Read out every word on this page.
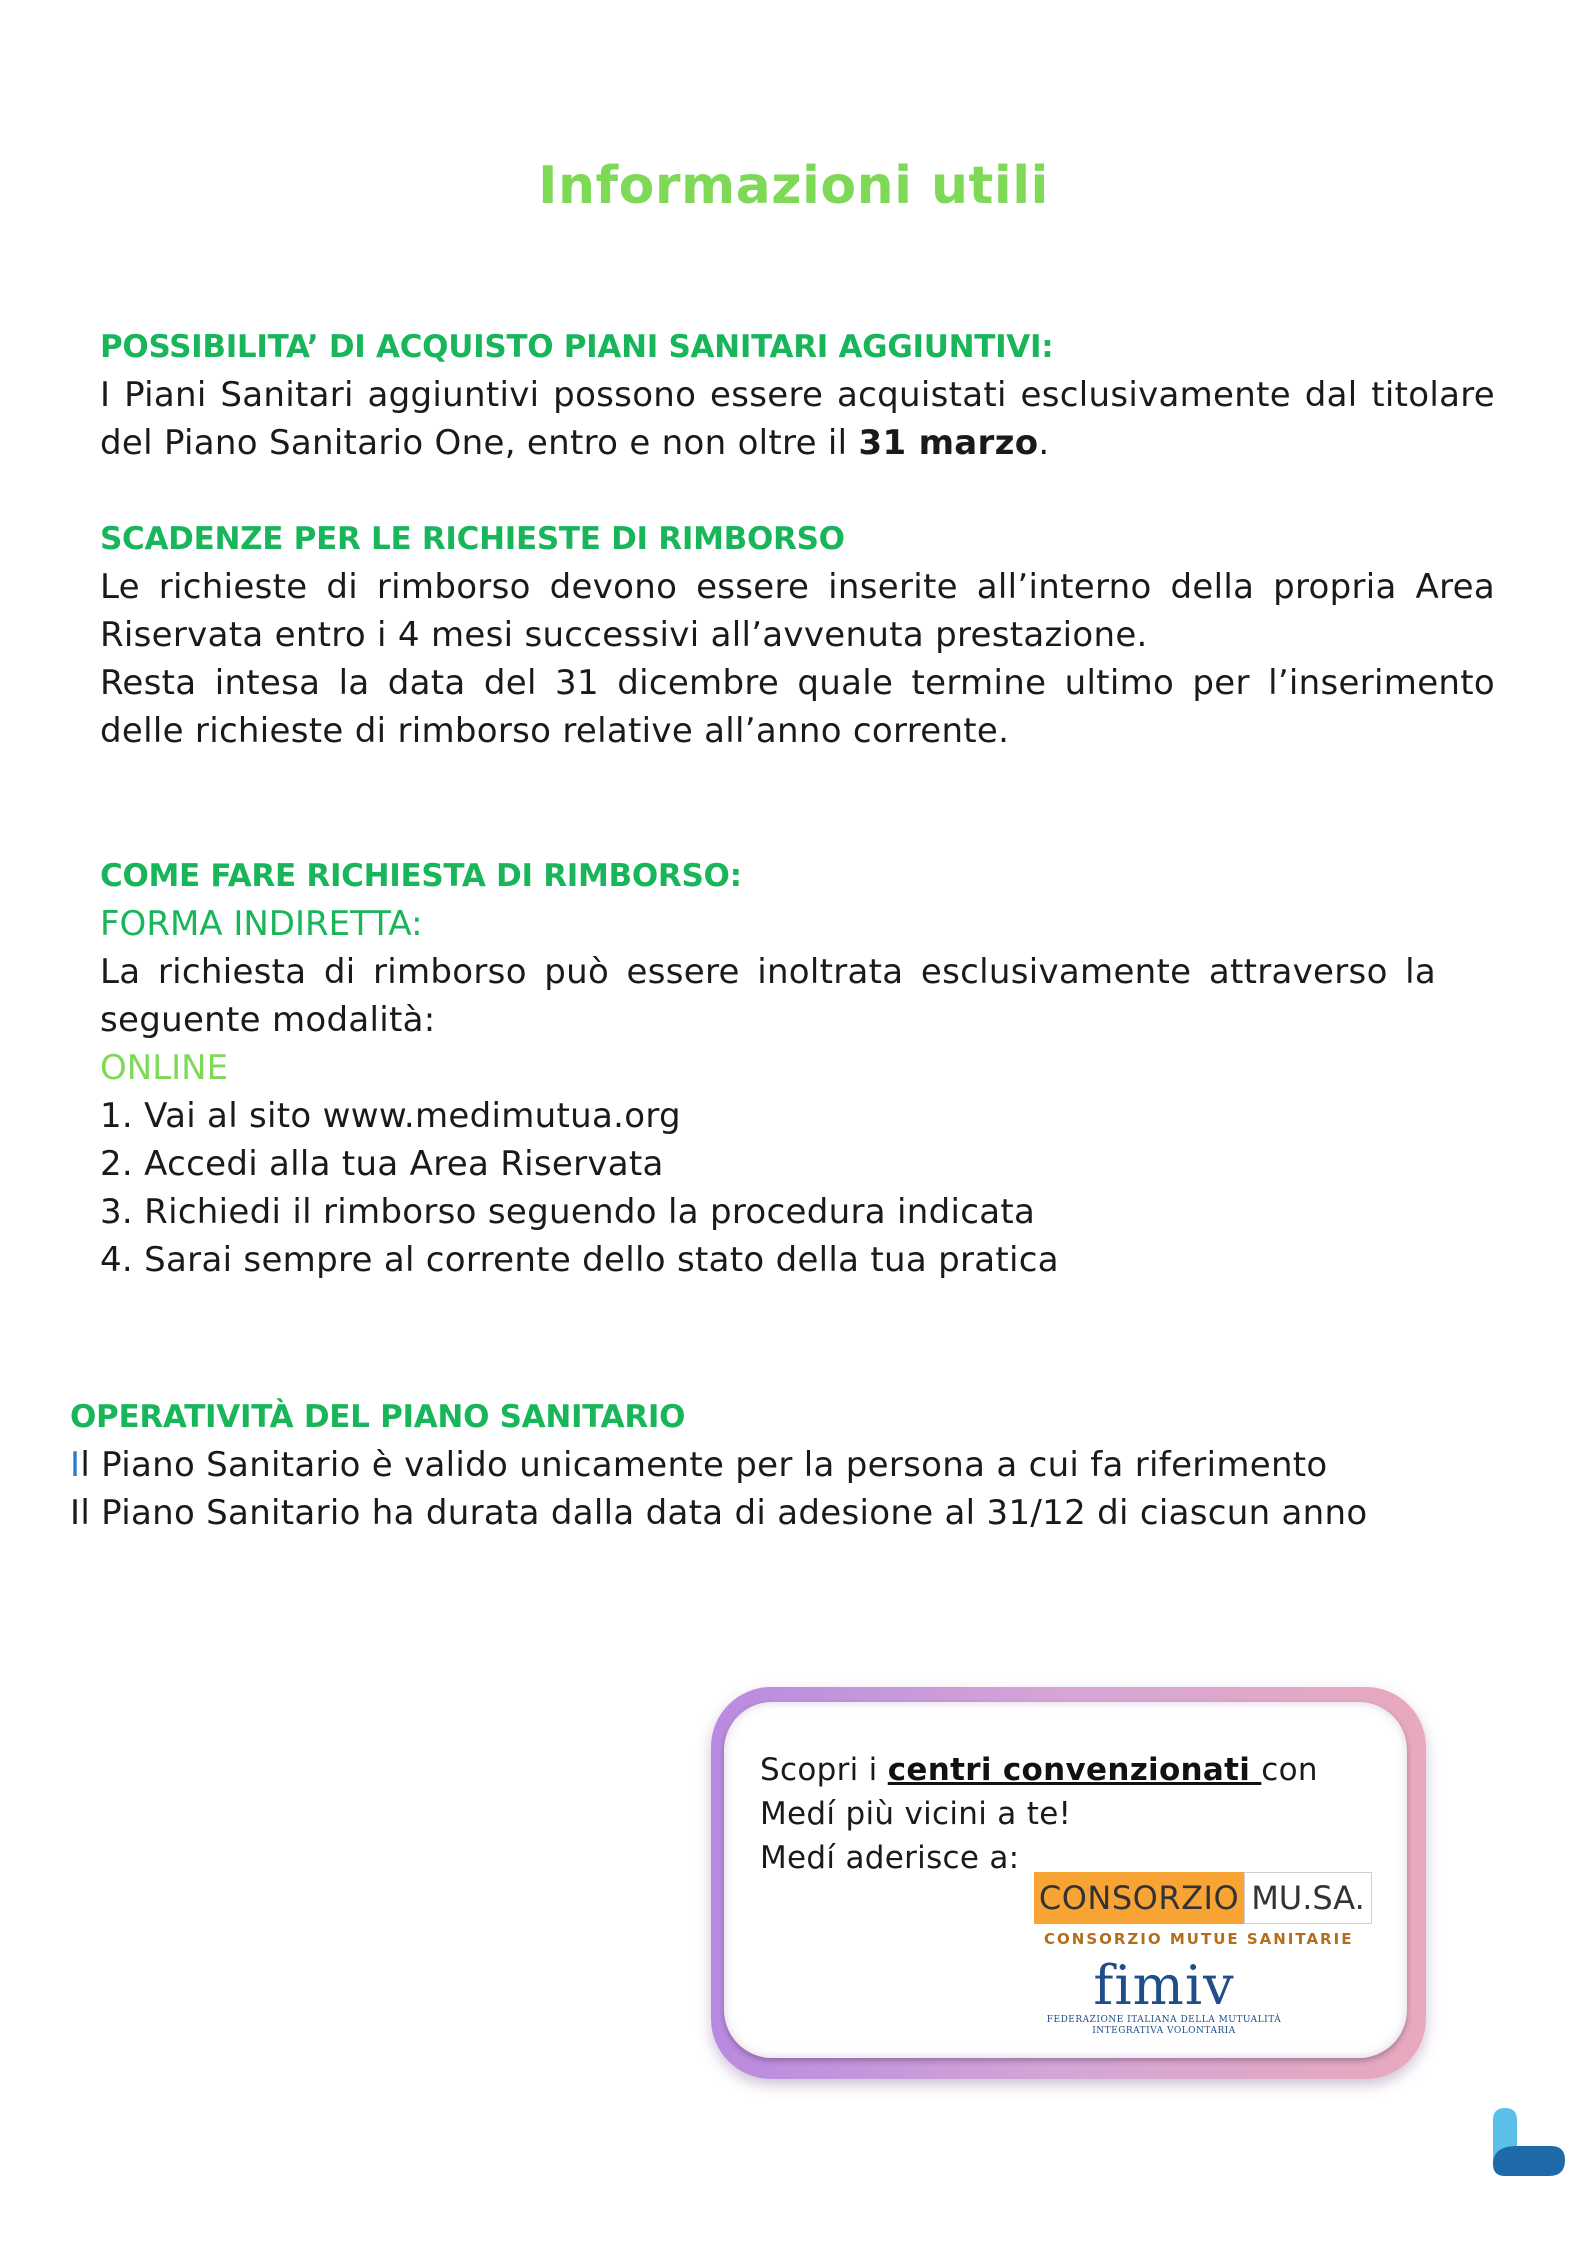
Informazioni utili
POSSIBILITA’ DI ACQUISTO PIANI SANITARI AGGIUNTIVI:

I Piani Sanitari aggiuntivi possono essere acquistati esclusivamente dal titolare del Piano Sanitario One, entro e non oltre il 31 marzo.

SCADENZE PER LE RICHIESTE DI RIMBORSO

Le richieste di rimborso devono essere inserite all’interno della propria Area Riservata entro i 4 mesi successivi all’avvenuta prestazione.

Resta intesa la data del 31 dicembre quale termine ultimo per l’inserimento delle richieste di rimborso relative all’anno corrente.

COME FARE RICHIESTA DI RIMBORSO:
FORMA INDIRETTA:

La richiesta di rimborso può essere inoltrata esclusivamente attraverso la seguente modalità:

ONLINE
1. Vai al sito www.medimutua.org
2. Accedi alla tua Area Riservata
3. Richiedi il rimborso seguendo la procedura indicata
4. Sarai sempre al corrente dello stato della tua pratica
OPERATIVITÀ DEL PIANO SANITARIO

Il Piano Sanitario è valido unicamente per la persona a cui fa riferimento

Il Piano Sanitario ha durata dalla data di adesione al 31/12 di ciascun anno

Scopri i centri convenzionati con Medí più vicini a te!
Medí aderisce a:
CONSORZIO MU.SA.
CONSORZIO MUTUE SANITARIE
fimiv
FEDERAZIONE ITALIANA DELLA MUTUALITÀ
INTEGRATIVA VOLONTARIA
